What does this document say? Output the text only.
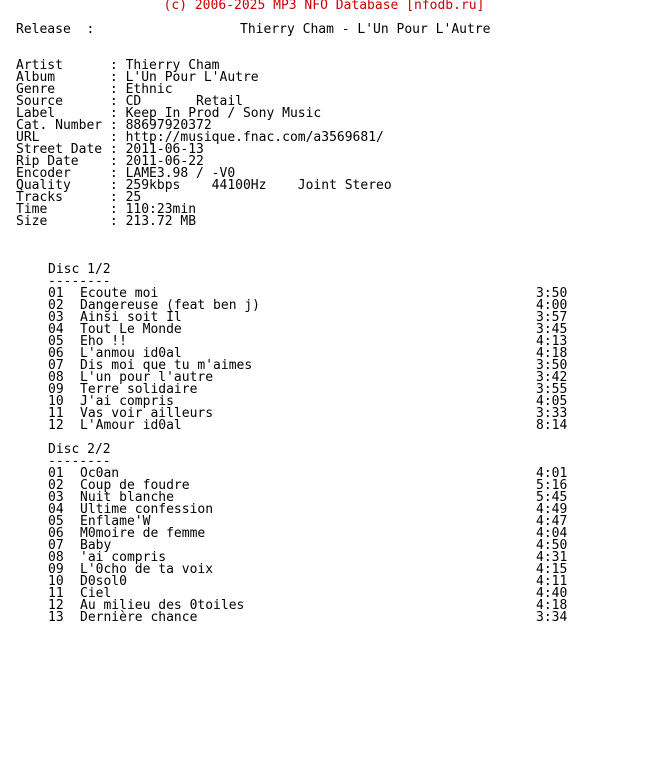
(c) 2006-2025 MP3 NFO Database [nfodb.ru]
Release  :	Thierry Cham - L'Un Pour L'Autre
Artist      : Thierry Cham
Album       : L'Un Pour L'Autre
Genre       : Ethnic
Source      : CD       Retail
Label       : Keep In Prod / Sony Music
Cat. Number : 88697920372
URL         : http://musique.fnac.com/a3569681/
Street Date : 2011-06-13
Rip Date    : 2011-06-22
Encoder     : LAME3.98 / -V0
Quality     : 259kbps    44100Hz    Joint Stereo
Tracks      : 25
Time        : 110:23min
Size        : 213.72 MB
Disc 1/2
--------
01 Ecoute moi	3:50
02 Dangereuse (feat ben j)	4:00
03 Ainsi soit Il	3:57
04 Tout Le Monde	3:45
05 Eho !!	4:13
06 L'anmou id0al	4:18
07 Dis moi que tu m'aimes	3:50
08 L'un pour l'autre	3:42
09 Terre solidaire	3:55
10 J'ai compris	4:05
11 Vas voir ailleurs	3:33
12 L'Amour id0al	8:14
Disc 2/2
--------
01 Oc0an	4:01
02 Coup de foudre	5:16
03 Nuit blanche	5:45
04 Ultime confession	4:49
05 Enflame'W	4:47
06 M0moire de femme	4:04
07 Baby	4:50
08 'ai compris	4:31
09 L'0cho de ta voix	4:15
10 D0sol0	4:11
11 Ciel	4:40
12 Au milieu des 0toiles	4:18
13 Dernière chance	3:34
